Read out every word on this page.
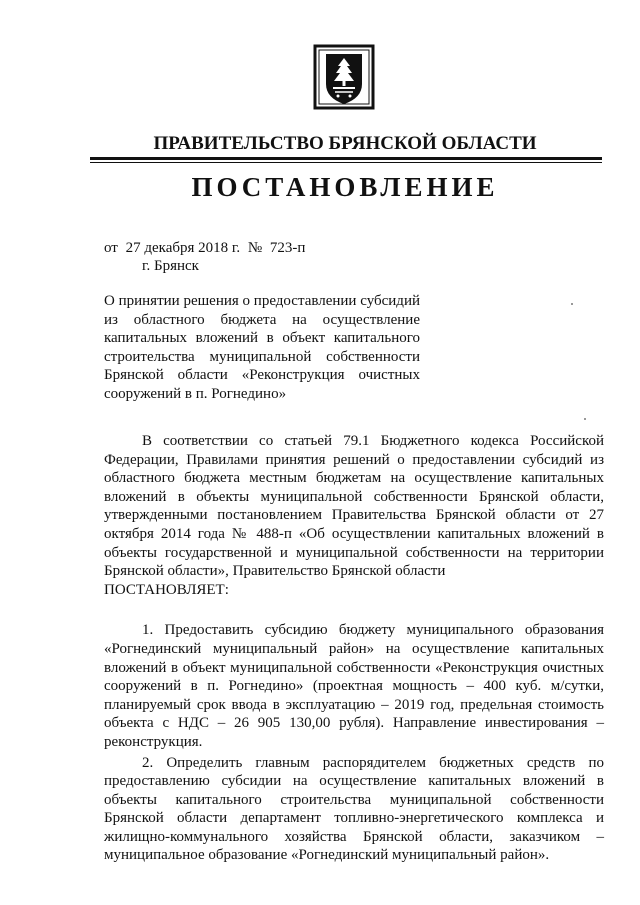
ПРАВИТЕЛЬСТВО БРЯНСКОЙ ОБЛАСТИ
ПОСТАНОВЛЕНИЕ
от 27 декабря 2018 г. № 723-п
г. Брянск
О принятии решения о предоставлении субсидий из областного бюджета на осуществление капитальных вложений в объект капитального строительства муниципальной собственности Брянской области «Реконструкция очистных сооружений в п. Рогнедино»

В соответствии со статьей 79.1 Бюджетного кодекса Российской Федерации, Правилами принятия решений о предоставлении субсидий из областного бюджета местным бюджетам на осуществление капитальных вложений в объекты муниципальной собственности Брянской области, утвержденными постановлением Правительства Брянской области от 27 октября 2014 года № 488-п «Об осуществлении капитальных вложений в объекты государственной и муниципальной собственности на территории Брянской области», Правительство Брянской области

ПОСТАНОВЛЯЕТ:

1. Предоставить субсидию бюджету муниципального образования «Рогнединский муниципальный район» на осуществление капитальных вложений в объект муниципальной собственности «Реконструкция очистных сооружений в п. Рогнедино» (проектная мощность – 400 куб. м/сутки, планируемый срок ввода в эксплуатацию – 2019 год, предельная стоимость объекта с НДС – 26 905 130,00 рубля). Направление инвестирования – реконструкция.

2. Определить главным распорядителем бюджетных средств по предоставлению субсидии на осуществление капитальных вложений в объекты капитального строительства муниципальной собственности Брянской области департамент топливно-энергетического комплекса и жилищно-коммунального хозяйства Брянской области, заказчиком – муниципальное образование «Рогнединский муниципальный район».
